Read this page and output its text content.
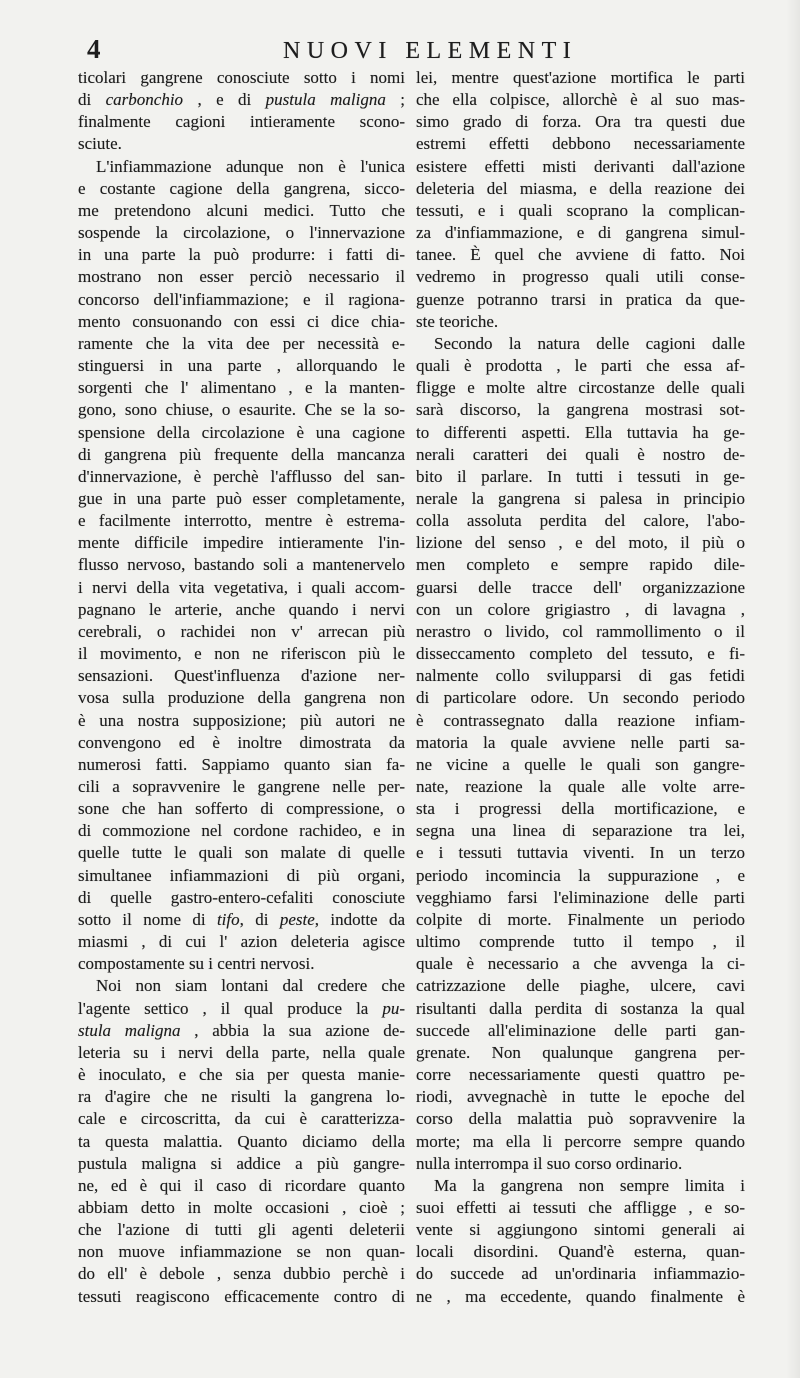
4	NUOVI ELEMENTI
ticolari gangrene conosciute sotto i nomi
di carbonchio , e di pustula maligna ;
finalmente cagioni intieramente scono-
sciute.
L'infiammazione adunque non è l'unica
e costante cagione della gangrena, sicco-
me pretendono alcuni medici. Tutto che
sospende la circolazione, o l'innervazione
in una parte la può produrre: i fatti di-
mostrano non esser perciò necessario il
concorso dell'infiammazione; e il ragiona-
mento consuonando con essi ci dice chia-
ramente che la vita dee per necessità e-
stinguersi in una parte , allorquando le
sorgenti che l' alimentano , e la manten-
gono, sono chiuse, o esaurite. Che se la so-
spensione della circolazione è una cagione
di gangrena più frequente della mancanza
d'innervazione, è perchè l'afflusso del san-
gue in una parte può esser completamente,
e facilmente interrotto, mentre è estrema-
mente difficile impedire intieramente l'in-
flusso nervoso, bastando soli a mantenervelo
i nervi della vita vegetativa, i quali accom-
pagnano le arterie, anche quando i nervi
cerebrali, o rachidei non v' arrecan più
il movimento, e non ne riferiscon più le
sensazioni. Quest'influenza d'azione ner-
vosa sulla produzione della gangrena non
è una nostra supposizione; più autori ne
convengono ed è inoltre dimostrata da
numerosi fatti. Sappiamo quanto sian fa-
cili a sopravvenire le gangrene nelle per-
sone che han sofferto di compressione, o
di commozione nel cordone rachideo, e in
quelle tutte le quali son malate di quelle
simultanee infiammazioni di più organi,
di quelle gastro-entero-cefaliti conosciute
sotto il nome di tifo, di peste, indotte da
miasmi , di cui l' azion deleteria agisce
compostamente su i centri nervosi.
Noi non siam lontani dal credere che
l'agente settico , il qual produce la pu-
stula maligna , abbia la sua azione de-
leteria su i nervi della parte, nella quale
è inoculato, e che sia per questa manie-
ra d'agire che ne risulti la gangrena lo-
cale e circoscritta, da cui è caratterizza-
ta questa malattia. Quanto diciamo della
pustula maligna si addice a più gangre-
ne, ed è qui il caso di ricordare quanto
abbiam detto in molte occasioni , cioè ;
che l'azione di tutti gli agenti deleterii
non muove infiammazione se non quan-
do ell' è debole , senza dubbio perchè i
tessuti reagiscono efficacemente contro di
lei, mentre quest'azione mortifica le parti
che ella colpisce, allorchè è al suo mas-
simo grado di forza. Ora tra questi due
estremi effetti debbono necessariamente
esistere effetti misti derivanti dall'azione
deleteria del miasma, e della reazione dei
tessuti, e i quali scoprano la complican-
za d'infiammazione, e di gangrena simul-
tanee. È quel che avviene di fatto. Noi
vedremo in progresso quali utili conse-
guenze potranno trarsi in pratica da que-
ste teoriche.
Secondo la natura delle cagioni dalle
quali è prodotta , le parti che essa af-
fligge e molte altre circostanze delle quali
sarà discorso, la gangrena mostrasi sot-
to differenti aspetti. Ella tuttavia ha ge-
nerali caratteri dei quali è nostro de-
bito il parlare. In tutti i tessuti in ge-
nerale la gangrena si palesa in principio
colla assoluta perdita del calore, l'abo-
lizione del senso , e del moto, il più o
men completo e sempre rapido dile-
guarsi delle tracce dell' organizzazione
con un colore grigiastro , di lavagna ,
nerastro o livido, col rammollimento o il
disseccamento completo del tessuto, e fi-
nalmente collo svilupparsi di gas fetidi
di particolare odore. Un secondo periodo
è contrassegnato dalla reazione infiam-
matoria la quale avviene nelle parti sa-
ne vicine a quelle le quali son gangre-
nate, reazione la quale alle volte arre-
sta i progressi della mortificazione, e
segna una linea di separazione tra lei,
e i tessuti tuttavia viventi. In un terzo
periodo incomincia la suppurazione , e
vegghiamo farsi l'eliminazione delle parti
colpite di morte. Finalmente un periodo
ultimo comprende tutto il tempo , il
quale è necessario a che avvenga la ci-
catrizzazione delle piaghe, ulcere, cavi
risultanti dalla perdita di sostanza la qual
succede all'eliminazione delle parti gan-
grenate. Non qualunque gangrena per-
corre necessariamente questi quattro pe-
riodi, avvegnachè in tutte le epoche del
corso della malattia può sopravvenire la
morte; ma ella li percorre sempre quando
nulla interrompa il suo corso ordinario.
Ma la gangrena non sempre limita i
suoi effetti ai tessuti che affligge , e so-
vente si aggiungono sintomi generali ai
locali disordini. Quand'è esterna, quan-
do succede ad un'ordinaria infiammazio-
ne , ma eccedente, quando finalmente è
